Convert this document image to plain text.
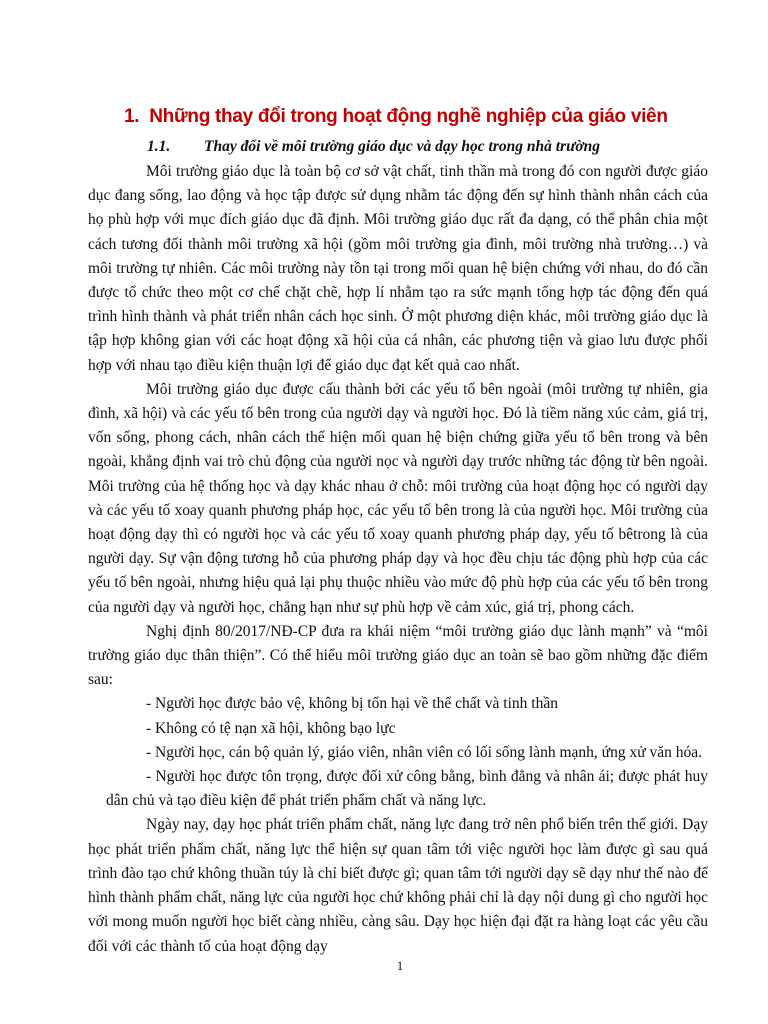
1. Những thay đổi trong hoạt động nghề nghiệp của giáo viên
1.1. Thay đổi về môi trường giáo dục và dạy học trong nhà trường

Môi trường giáo dục là toàn bộ cơ sở vật chất, tinh thần mà trong đó con người được giáo dục đang sống, lao động và học tập được sử dụng nhằm tác động đến sự hình thành nhân cách của họ phù hợp với mục đích giáo dục đã định. Môi trường giáo dục rất đa dạng, có thể phân chia một cách tương đối thành môi trường xã hội (gồm môi trường gia đình, môi trường nhà trường…) và môi trường tự nhiên. Các môi trường này tồn tại trong mối quan hệ biện chứng với nhau, do đó cần được tổ chức theo một cơ chế chặt chẽ, hợp lí nhằm tạo ra sức mạnh tổng hợp tác động đến quá trình hình thành và phát triển nhân cách học sinh. Ở một phương diện khác, môi trường giáo dục là tập hợp không gian với các hoạt động xã hội của cá nhân, các phương tiện và giao lưu được phối hợp với nhau tạo điều kiện thuận lợi để giáo dục đạt kết quả cao nhất.

Môi trường giáo dục được cấu thành bởi các yếu tố bên ngoài (môi trường tự nhiên, gia đình, xã hội) và các yếu tố bên trong của người dạy và người học. Đó là tiềm năng xúc cảm, giá trị, vốn sống, phong cách, nhân cách thể hiện mối quan hệ biện chứng giữa yếu tố bên trong và bên ngoài, khẳng định vai trò chủ động của người nọc và người dạy trước những tác động từ bên ngoài. Môi trường của hệ thống học và dạy khác nhau ở chỗ: môi trường của hoạt động học có người dạy và các yếu tố xoay quanh phương pháp học, các yếu tố bên trong là của người học. Môi trường của hoạt động dạy thì có người học và các yếu tố xoay quanh phương pháp dạy, yếu tố bêtrong là của người dạy. Sự vận động tương hỗ của phương pháp dạy và học đều chịu tác động phù hợp của các yếu tố bên ngoài, nhưng hiệu quả lại phụ thuộc nhiều vào mức độ phù hợp của các yếu tố bên trong của người dạy và người học, chẳng hạn như sự phù hợp về cảm xúc, giá trị, phong cách.

Nghị định 80/2017/NĐ-CP đưa ra khái niệm “môi trường giáo dục lành mạnh” và “môi trường giáo dục thân thiện”. Có thể hiểu môi trường giáo dục an toàn sẽ bao gồm những đặc điểm sau:

- Người học được bảo vệ, không bị tổn hại về thể chất và tinh thần

- Không có tệ nạn xã hội, không bạo lực

- Người học, cán bộ quản lý, giáo viên, nhân viên có lối sống lành mạnh, ứng xử văn hóa.

- Người học được tôn trọng, được đối xử công bằng, bình đẳng và nhân ái; được phát huy dân chủ và tạo điều kiện để phát triển phẩm chất và năng lực.

Ngày nay, dạy học phát triển phẩm chất, năng lực đang trở nên phổ biến trên thế giới. Dạy học phát triển phẩm chất, năng lực thể hiện sự quan tâm tới việc người học làm được gì sau quá trình đào tạo chứ không thuần túy là chỉ biết được gì; quan tâm tới người dạy sẽ dạy như thế nào để hình thành phẩm chất, năng lực của người học chứ không phải chỉ là dạy nội dung gì cho người học với mong muốn người học biết càng nhiều, càng sâu. Dạy học hiện đại đặt ra hàng loạt các yêu cầu đối với các thành tố của hoạt động dạy

1
